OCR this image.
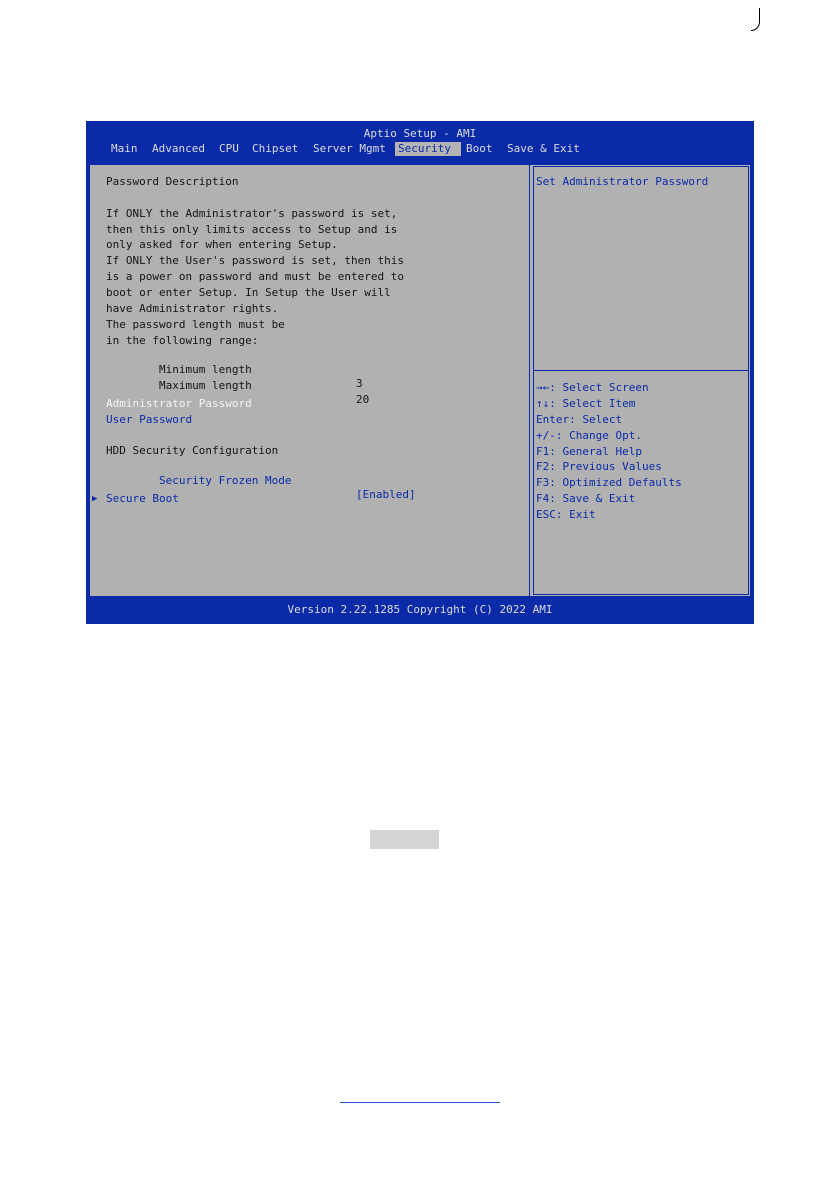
Aptio Setup - AMI
Main Advanced CPU Chipset Server Mgmt Security	Boot Save & Exit
Password Description
If ONLY the Administrator's password is set,
then this only limits access to Setup and is
only asked for when entering Setup.
If ONLY the User's password is set, then this
is a power on password and must be entered to
boot or enter Setup. In Setup the User will
have Administrator rights.
The password length must be
in the following range:

Minimum length

3

Maximum length

20

Administrator Password
User Password
HDD Security Configuration

Security Frozen Mode

[Enabled]

▶ Secure Boot
Set Administrator Password
→←: Select Screen
↑↓: Select Item
Enter: Select
+/-: Change Opt.
F1: General Help
F2: Previous Values
F3: Optimized Defaults
F4: Save & Exit
ESC: Exit
Version 2.22.1285 Copyright (C) 2022 AMI
